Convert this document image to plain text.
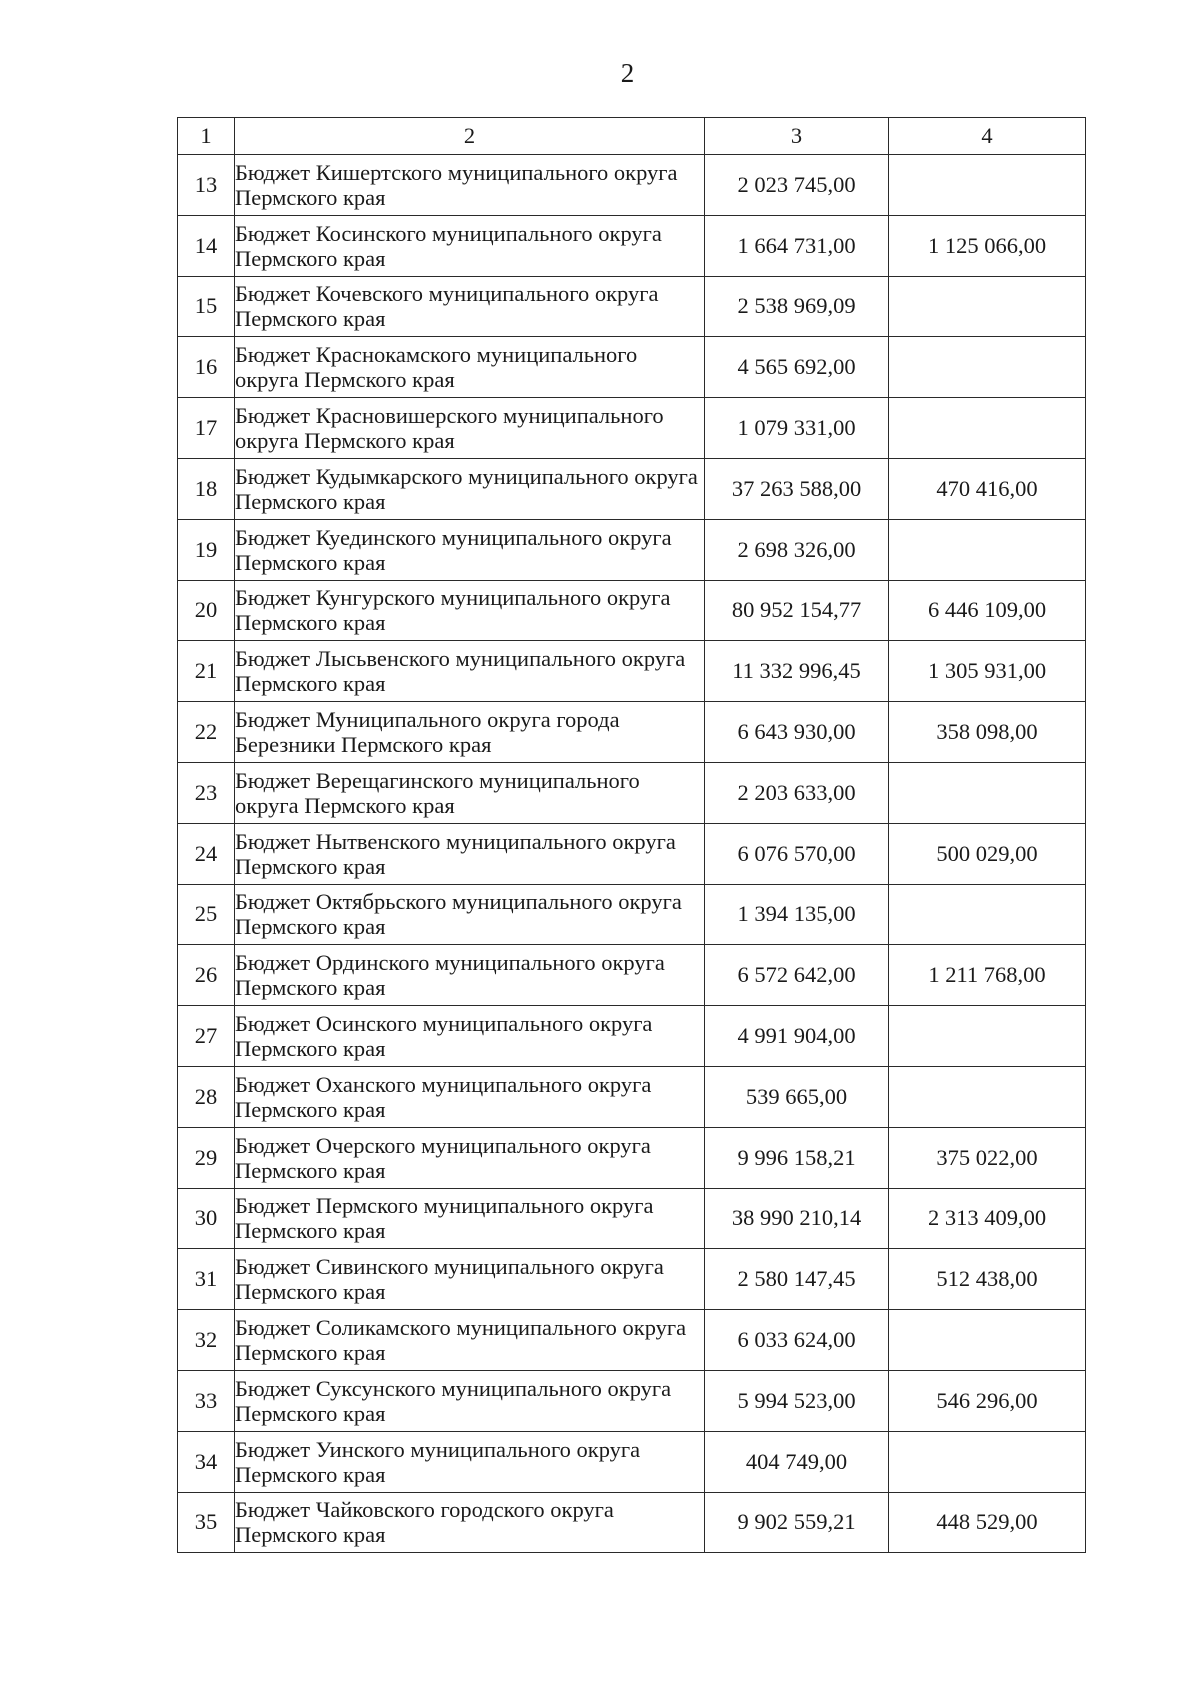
2
1	2	3	4
13	Бюджет Кишертского муниципального округа Пермского края	2 023 745,00	
14	Бюджет Косинского муниципального округа Пермского края	1 664 731,00	1 125 066,00
15	Бюджет Кочевского муниципального округа Пермского края	2 538 969,09	
16	Бюджет Краснокамского муниципального округа Пермского края	4 565 692,00	
17	Бюджет Красновишерского муниципального округа Пермского края	1 079 331,00	
18	Бюджет Кудымкарского муниципального округа Пермского края	37 263 588,00	470 416,00
19	Бюджет Куединского муниципального округа Пермского края	2 698 326,00	
20	Бюджет Кунгурского муниципального округа Пермского края	80 952 154,77	6 446 109,00
21	Бюджет Лысьвенского муниципального округа Пермского края	11 332 996,45	1 305 931,00
22	Бюджет Муниципального округа города Березники Пермского края	6 643 930,00	358 098,00
23	Бюджет Верещагинского муниципального округа Пермского края	2 203 633,00	
24	Бюджет Нытвенского муниципального округа Пермского края	6 076 570,00	500 029,00
25	Бюджет Октябрьского муниципального округа Пермского края	1 394 135,00	
26	Бюджет Ординского муниципального округа Пермского края	6 572 642,00	1 211 768,00
27	Бюджет Осинского муниципального округа Пермского края	4 991 904,00	
28	Бюджет Оханского муниципального округа Пермского края	539 665,00	
29	Бюджет Очерского муниципального округа Пермского края	9 996 158,21	375 022,00
30	Бюджет Пермского муниципального округа Пермского края	38 990 210,14	2 313 409,00
31	Бюджет Сивинского муниципального округа Пермского края	2 580 147,45	512 438,00
32	Бюджет Соликамского муниципального округа Пермского края	6 033 624,00	
33	Бюджет Суксунского муниципального округа Пермского края	5 994 523,00	546 296,00
34	Бюджет Уинского муниципального округа Пермского края	404 749,00	
35	Бюджет Чайковского городского округа Пермского края	9 902 559,21	448 529,00
